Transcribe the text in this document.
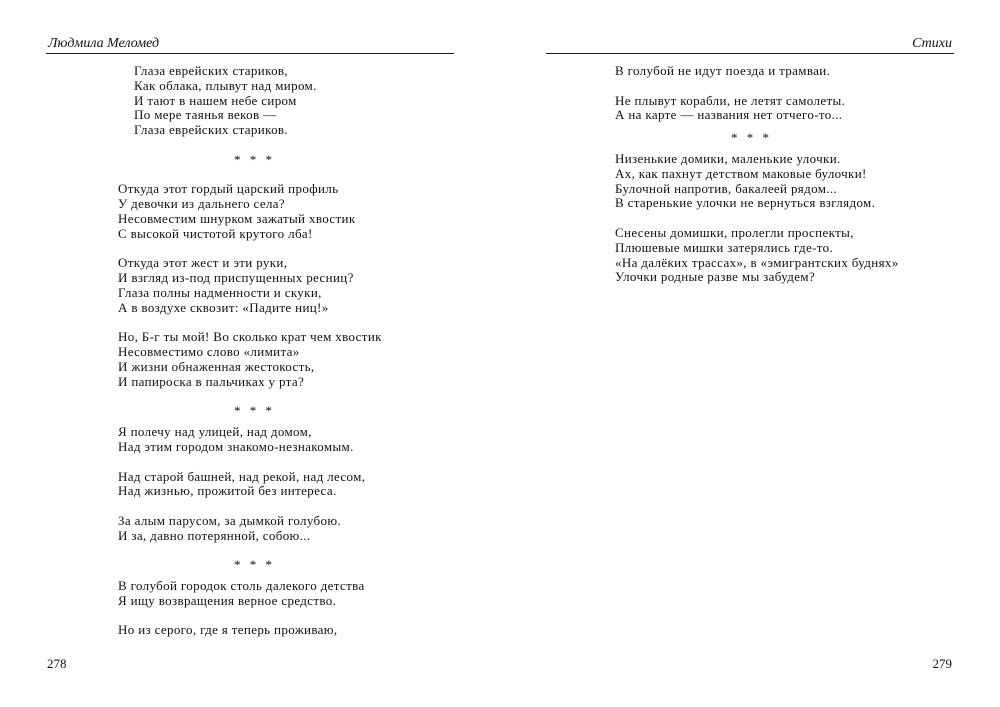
Людмила Меломед
Глаза еврейских стариков,
Как облака, плывут над миром.
И тают в нашем небе сиром
По мере таянья веков —
Глаза еврейских стариков.
* * *
Откуда этот гордый царский профиль
У девочки из дальнего села?
Несовместим шнурком зажатый хвостик
С высокой чистотой крутого лба!
Откуда этот жест и эти руки,
И взгляд из-под приспущенных ресниц?
Глаза полны надменности и скуки,
А в воздухе сквозит: «Падите ниц!»
Но, Б-г ты мой! Во сколько крат чем хвостик
Несовместимо слово «лимита»
И жизни обнаженная жестокость,
И папироска в пальчиках у рта?
* * *
Я полечу над улицей, над домом,
Над этим городом знакомо-незнакомым.
Над старой башней, над рекой, над лесом,
Над жизнью, прожитой без интереса.
За алым парусом, за дымкой голубою.
И за, давно потерянной, собою...
* * *
В голубой городок столь далекого детства
Я ищу возвращения верное средство.
Но из серого, где я теперь проживаю,
278
Стихи
В голубой не идут поезда и трамваи.
Не плывут корабли, не летят самолеты.
А на карте — названия нет отчего-то...
* * *
Низенькие домики, маленькие улочки.
Ах, как пахнут детством маковые булочки!
Булочной напротив, бакалеей рядом...
В старенькие улочки не вернуться взглядом.
Снесены домишки, пролегли проспекты,
Плюшевые мишки затерялись где-то.
«На далёких трассах», в «эмигрантских буднях»
Улочки родные разве мы забудем?
279
